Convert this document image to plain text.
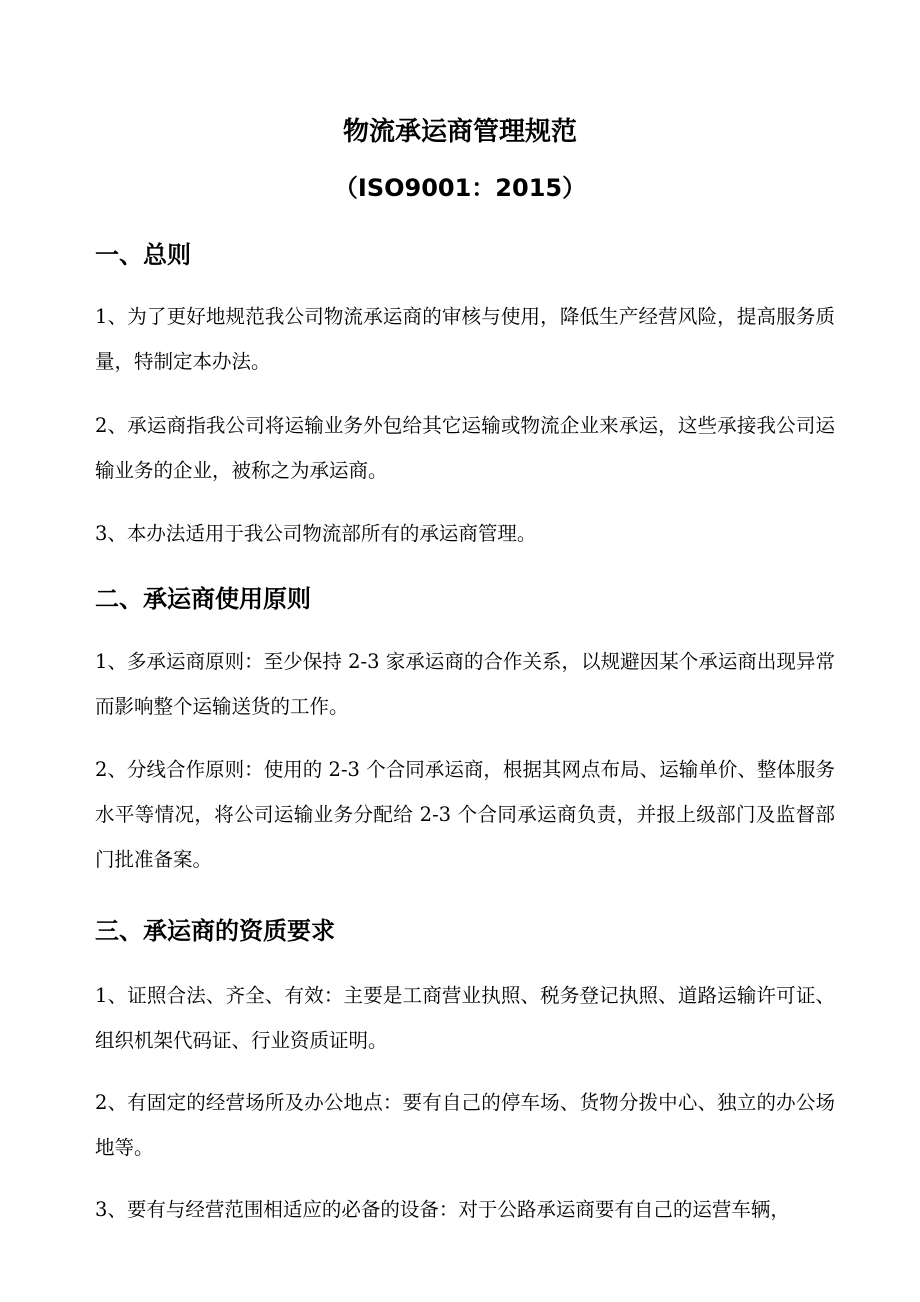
物流承运商管理规范
（ISO9001：2015）
一、总则

1、为了更好地规范我公司物流承运商的审核与使用，降低生产经营风险，提高服务质量，特制定本办法。

2、承运商指我公司将运输业务外包给其它运输或物流企业来承运，这些承接我公司运输业务的企业，被称之为承运商。

3、本办法适用于我公司物流部所有的承运商管理。

二、承运商使用原则

1、多承运商原则：至少保持 2-3 家承运商的合作关系，以规避因某个承运商出现异常而影响整个运输送货的工作。

2、分线合作原则：使用的 2-3 个合同承运商，根据其网点布局、运输单价、整体服务水平等情况，将公司运输业务分配给 2-3 个合同承运商负责，并报上级部门及监督部门批准备案。

三、承运商的资质要求

1、证照合法、齐全、有效：主要是工商营业执照、税务登记执照、道路运输许可证、组织机架代码证、行业资质证明。

2、有固定的经营场所及办公地点：要有自己的停车场、货物分拨中心、独立的办公场地等。

3、要有与经营范围相适应的必备的设备：对于公路承运商要有自己的运营车辆，
